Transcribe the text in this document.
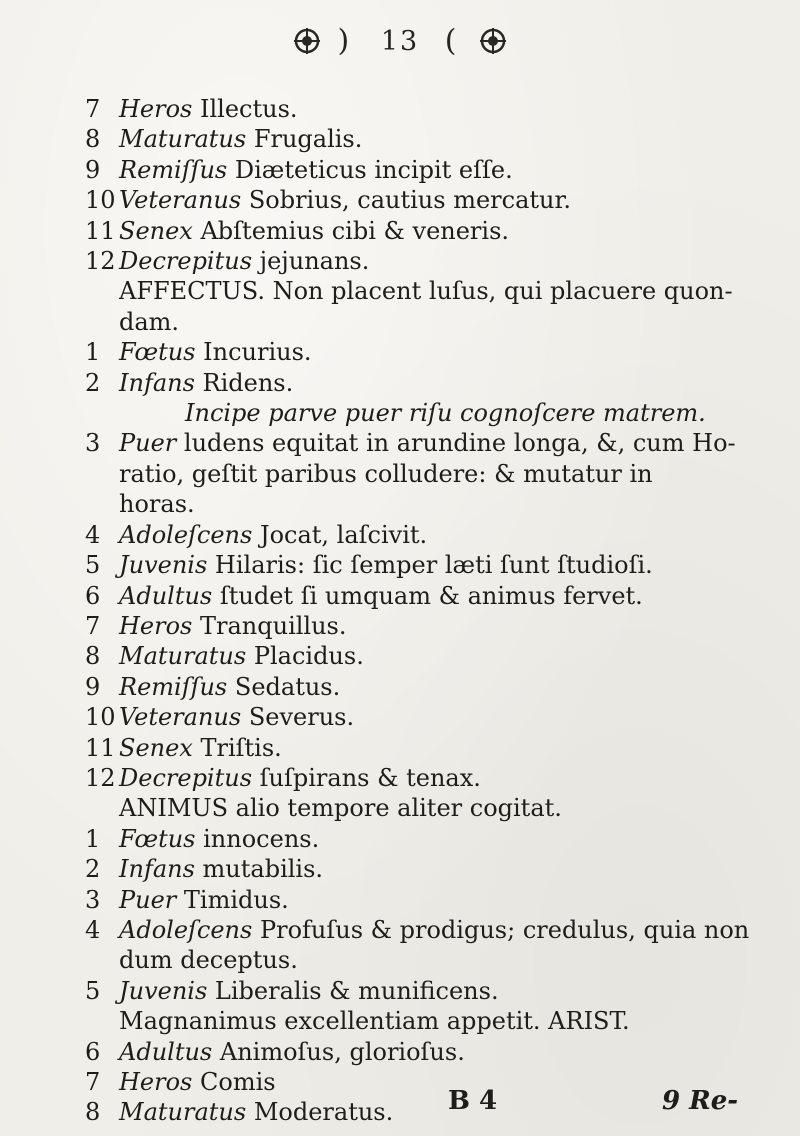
) 13 (
7 Heros Illectus.
8 Maturatus Frugalis.
9 Remiſſus Diæteticus incipit eſſe.
10 Veteranus Sobrius, cautius mercatur.
11 Senex Abſtemius cibi & veneris.
12 Decrepitus jejunans.
AFFECTUS. Non placent luſus, qui placuere quon-
dam.
1 Fœtus Incurius.
2 Infans Ridens.
Incipe parve puer riſu cognoſcere matrem.
3 Puer ludens equitat in arundine longa, &, cum Ho-
ratio, geſtit paribus colludere: & mutatur in
horas.
4 Adoleſcens Jocat, laſcivit.
5 Juvenis Hilaris: ſic ſemper læti ſunt ſtudioſi.
6 Adultus ſtudet ſi umquam & animus fervet.
7 Heros Tranquillus.
8 Maturatus Placidus.
9 Remiſſus Sedatus.
10 Veteranus Severus.
11 Senex Triſtis.
12 Decrepitus ſuſpirans & tenax.
ANIMUS alio tempore aliter cogitat.
1 Fœtus innocens.
2 Infans mutabilis.
3 Puer Timidus.
4 Adoleſcens Profuſus & prodigus; credulus, quia non
dum deceptus.
5 Juvenis Liberalis & munificens.
Magnanimus excellentiam appetit. ARIST.
6 Adultus Animoſus, glorioſus.
7 Heros Comis
8 Maturatus Moderatus.	B 4	9 Re-
